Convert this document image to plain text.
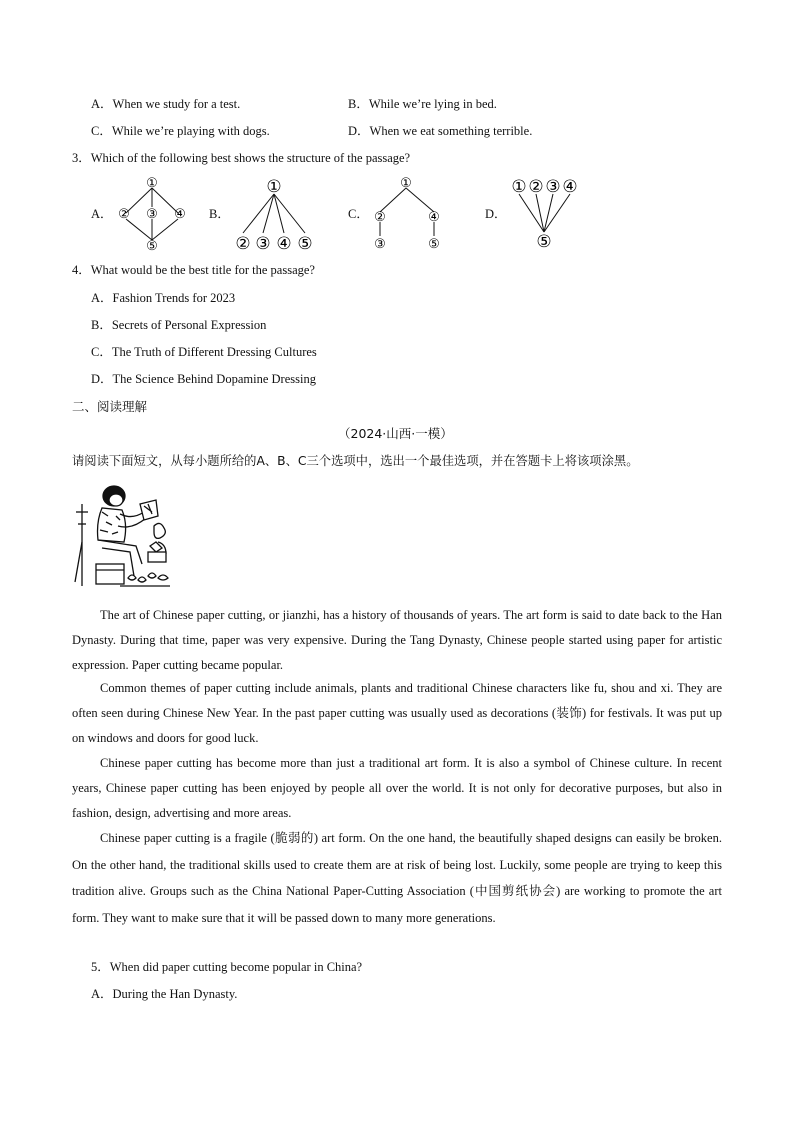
A．When we study for a test.	B．While we’re lying in bed.
C．While we’re playing with dogs.	D．When we eat something terrible.
3．Which of the following best shows the structure of the passage?
A．	B．	C．	D．
①
② ③ ④
⑤
①
② ③ ④ ⑤
①
②	④
③	⑤
① ② ③ ④
⑤
4．What would be the best title for the passage?
A．Fashion Trends for 2023
B．Secrets of Personal Expression
C．The Truth of Different Dressing Cultures
D．The Science Behind Dopamine Dressing
二、阅读理解
（2024·山西·一模）
请阅读下面短文，从每小题所给的A、B、C三个选项中，选出一个最佳选项，并在答题卡上将该项涂黑。
The art of Chinese paper cutting, or jianzhi, has a history of thousands of years. The art form is said to date back to the Han Dynasty. During that time, paper was very expensive. During the Tang Dynasty, Chinese people started using paper for artistic expression. Paper cutting became popular.
Common themes of paper cutting include animals, plants and traditional Chinese characters like fu, shou and xi. They are often seen during Chinese New Year. In the past paper cutting was usually used as decorations (装饰) for festivals. It was put up on windows and doors for good luck.
Chinese paper cutting has become more than just a traditional art form. It is also a symbol of Chinese culture. In recent years, Chinese paper cutting has been enjoyed by people all over the world. It is not only for decorative purposes, but also in fashion, design, advertising and more areas.
Chinese paper cutting is a fragile (脆弱的) art form. On the one hand, the beautifully shaped designs can easily be broken. On the other hand, the traditional skills used to create them are at risk of being lost. Luckily, some people are trying to keep this tradition alive. Groups such as the China National Paper-Cutting Association (中国剪纸协会) are working to promote the art form. They want to make sure that it will be passed down to many more generations.
5．When did paper cutting become popular in China?
A．During the Han Dynasty.
